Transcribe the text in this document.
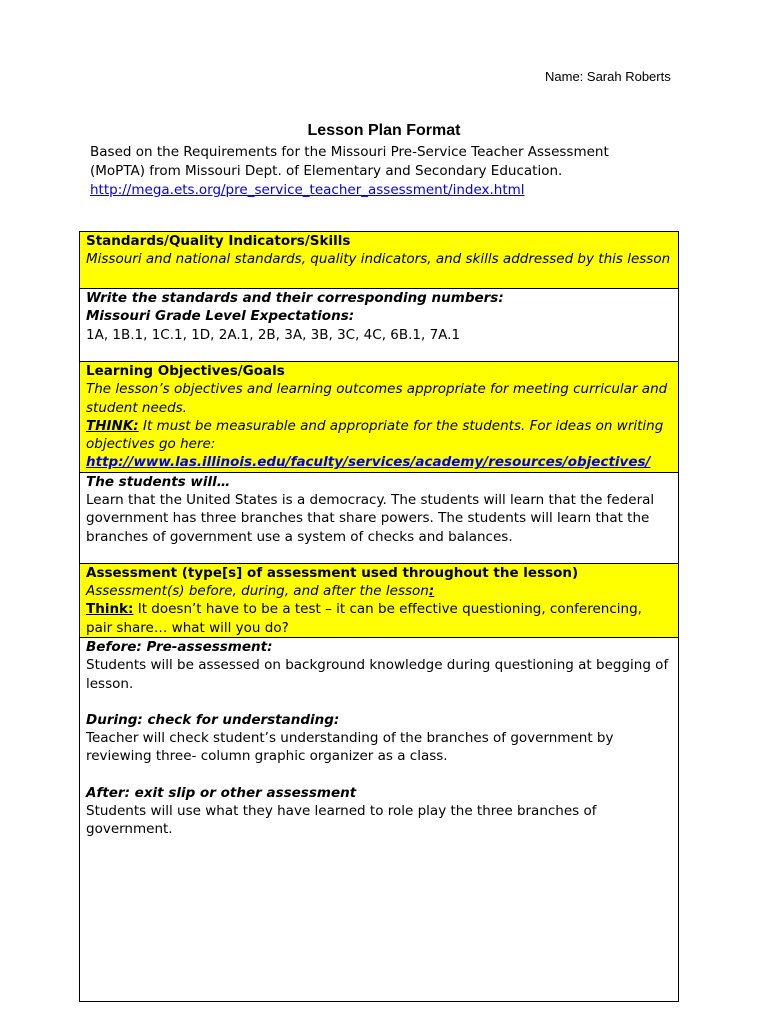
Name: Sarah Roberts
Lesson Plan Format

Based on the Requirements for the Missouri Pre-Service Teacher Assessment

(MoPTA) from Missouri Dept. of Elementary and Secondary Education.

http://mega.ets.org/pre_service_teacher_assessment/index.html

Standards/Quality Indicators/Skills
Missouri and national standards, quality indicators, and skills addressed by this lesson

Write the standards and their corresponding numbers:
Missouri Grade Level Expectations:
1A, 1B.1, 1C.1, 1D, 2A.1, 2B, 3A, 3B, 3C, 4C, 6B.1, 7A.1

Learning Objectives/Goals
The lesson’s objectives and learning outcomes appropriate for meeting curricular and student needs.
THINK: It must be measurable and appropriate for the students. For ideas on writing objectives go here:
http://www.las.illinois.edu/faculty/services/academy/resources/objectives/

The students will…
Learn that the United States is a democracy. The students will learn that the federal government has three branches that share powers. The students will learn that the branches of government use a system of checks and balances.

Assessment (type[s] of assessment used throughout the lesson)
Assessment(s) before, during, and after the lesson:
Think: It doesn’t have to be a test – it can be effective questioning, conferencing, pair share… what will you do?

Before: Pre-assessment:
Students will be assessed on background knowledge during questioning at begging of lesson.
During: check for understanding:
Teacher will check student’s understanding of the branches of government by reviewing three- column graphic organizer as a class.
After: exit slip or other assessment
Students will use what they have learned to role play the three branches of government.
